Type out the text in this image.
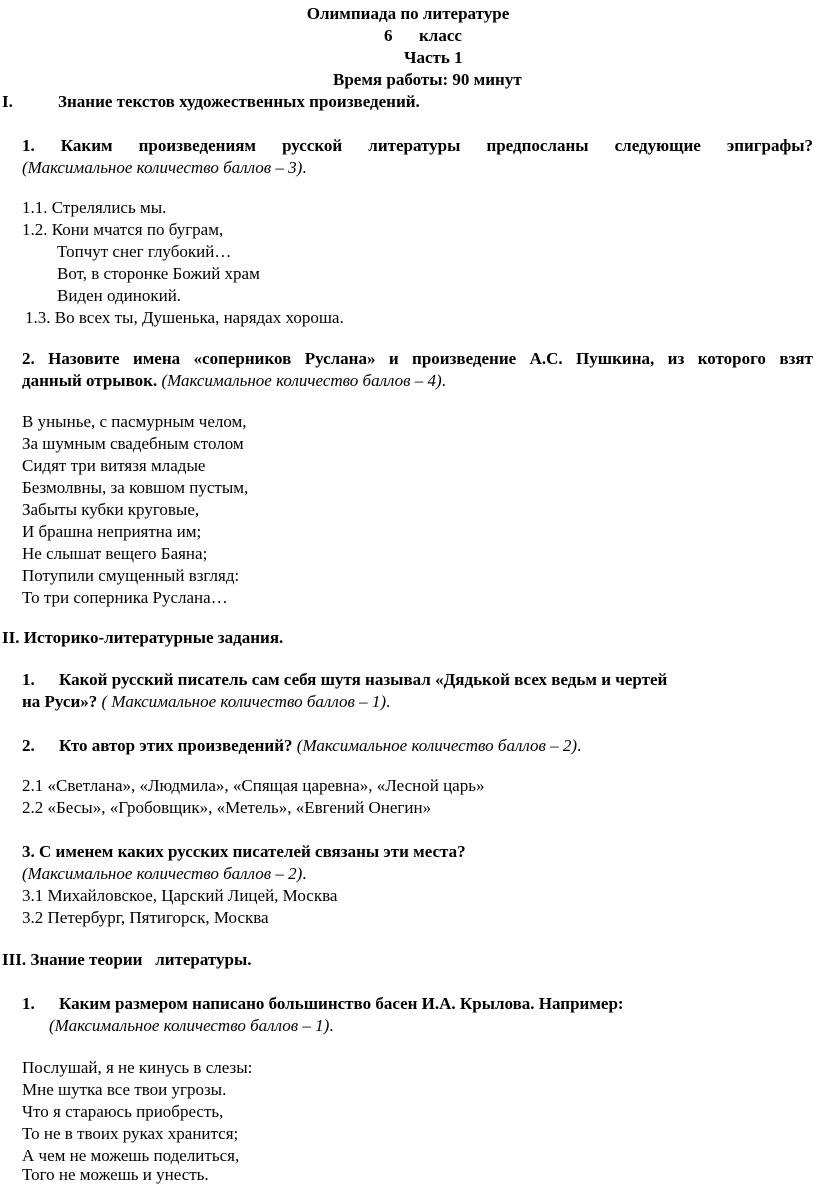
Олимпиада по литературе
6 класс
Часть 1
Время работы: 90 минут
I.	Знание текстов художественных произведений.
1. Каким произведениям русской литературы предпосланы следующие эпиграфы?
(Максимальное количество баллов – 3).
1.1. Стрелялись мы.
1.2. Кони мчатся по буграм,
Топчут снег глубокий…
Вот, в сторонке Божий храм
Виден одинокий.
1.3. Во всех ты, Душенька, нарядах хороша.
2. Назовите имена «соперников Руслана» и произведение А.С. Пушкина, из которого взят
данный отрывок. (Максимальное количество баллов – 4).
В унынье, с пасмурным челом,
За шумным свадебным столом
Сидят три витязя младые
Безмолвны, за ковшом пустым,
Забыты кубки круговые,
И брашна неприятна им;
Не слышат вещего Баяна;
Потупили смущенный взгляд:
То три соперника Руслана…
II. Историко-литературные задания.
1. Какой русский писатель сам себя шутя называл «Дядькой всех ведьм и чертей
на Руси»? ( Максимальное количество баллов – 1).
2. Кто автор этих произведений? (Максимальное количество баллов – 2).
2.1 «Светлана», «Людмила», «Спящая царевна», «Лесной царь»
2.2 «Бесы», «Гробовщик», «Метель», «Евгений Онегин»
3. С именем каких русских писателей связаны эти места?
(Максимальное количество баллов – 2).
3.1 Михайловское, Царский Лицей, Москва
3.2 Петербург, Пятигорск, Москва
III. Знание теории   литературы.
1. Каким размером написано большинство басен И.А. Крылова. Например:
(Максимальное количество баллов – 1).
Послушай, я не кинусь в слезы:
Мне шутка все твои угрозы.
Что я стараюсь приобресть,
То не в твоих руках хранится;
А чем не можешь поделиться,
Того не можешь и унесть.
